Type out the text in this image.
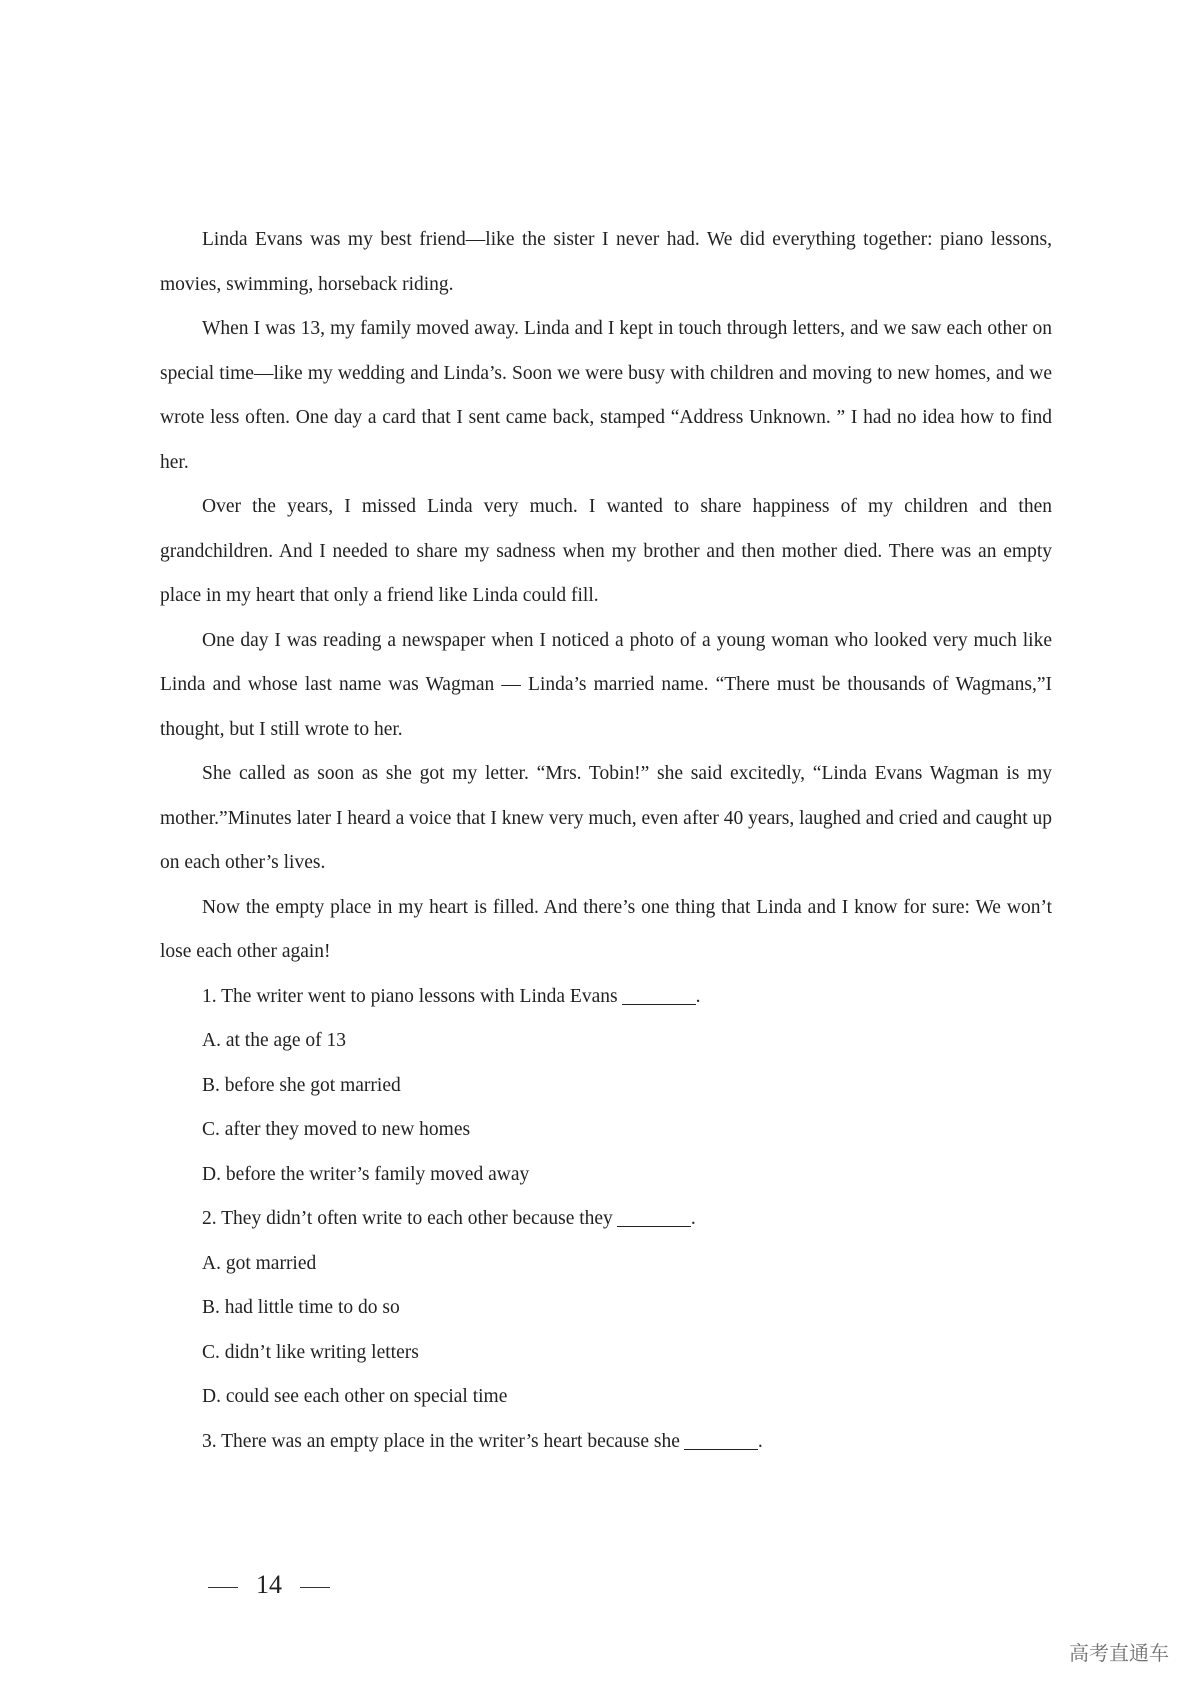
Linda Evans was my best friend—like the sister I never had. We did everything together: piano lessons, movies, swimming, horseback riding.

When I was 13, my family moved away. Linda and I kept in touch through letters, and we saw each other on special time—like my wedding and Linda’s. Soon we were busy with children and moving to new homes, and we wrote less often. One day a card that I sent came back, stamped “Address Unknown. ” I had no idea how to find her.

Over the years, I missed Linda very much. I wanted to share happiness of my children and then grandchildren. And I needed to share my sadness when my brother and then mother died. There was an empty place in my heart that only a friend like Linda could fill.

One day I was reading a newspaper when I noticed a photo of a young woman who looked very much like Linda and whose last name was Wagman — Linda’s married name. “There must be thousands of Wagmans,”I thought, but I still wrote to her.

She called as soon as she got my letter. “Mrs. Tobin!” she said excitedly, “Linda Evans Wagman is my mother.”Minutes later I heard a voice that I knew very much, even after 40 years, laughed and cried and caught up on each other’s lives.

Now the empty place in my heart is filled. And there’s one thing that Linda and I know for sure: We won’t lose each other again!

1. The writer went to piano lessons with Linda Evans	.

A. at the age of 13

B. before she got married

C. after they moved to new homes

D. before the writer’s family moved away

2. They didn’t often write to each other because they	.

A. got married

B. had little time to do so

C. didn’t like writing letters

D. could see each other on special time

3. There was an empty place in the writer’s heart because she	.

14
高考直通车
